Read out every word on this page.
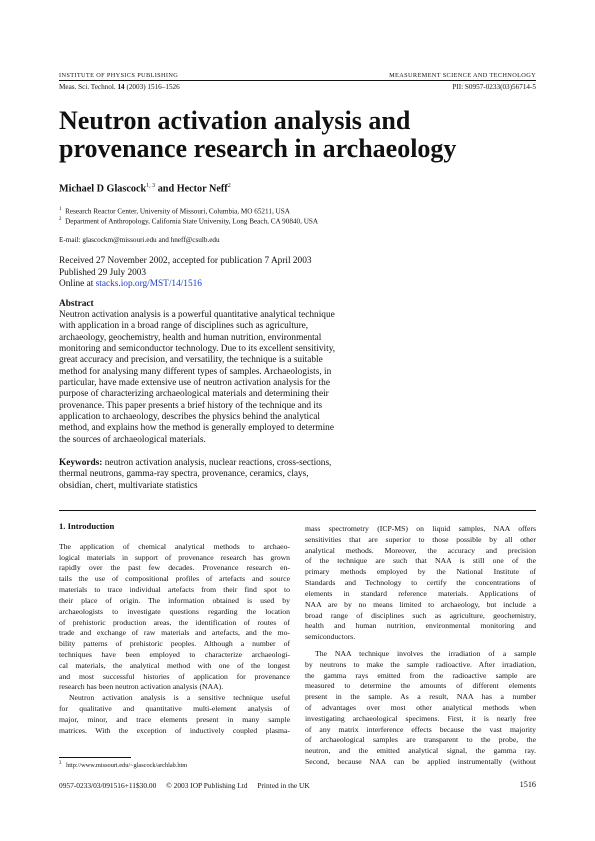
INSTITUTE OF PHYSICS PUBLISHING	MEASUREMENT SCIENCE AND TECHNOLOGY
Meas. Sci. Technol. 14 (2003) 1516–1526	PII: S0957-0233(03)56714-5
Neutron activation analysis and
provenance research in archaeology
Michael D Glascock$^{1, 3}$ and Hector Neff$^2$
$^1$ Research Reactor Center, University of Missouri, Columbia, MO 65211, USA
$^2$ Department of Anthropology, California State University, Long Beach, CA 90840, USA
E-mail: glascockm@missouri.edu and hneff@csulb.edu
Received 27 November 2002, accepted for publication 7 April 2003
Published 29 July 2003
Online at stacks.iop.org/MST/14/1516
Abstract
Neutron activation analysis is a powerful quantitative analytical technique
with application in a broad range of disciplines such as agriculture,
archaeology, geochemistry, health and human nutrition, environmental
monitoring and semiconductor technology. Due to its excellent sensitivity,
great accuracy and precision, and versatility, the technique is a suitable
method for analysing many different types of samples. Archaeologists, in
particular, have made extensive use of neutron activation analysis for the
purpose of characterizing archaeological materials and determining their
provenance. This paper presents a brief history of the technique and its
application to archaeology, describes the physics behind the analytical
method, and explains how the method is generally employed to determine
the sources of archaeological materials.
Keywords: neutron activation analysis, nuclear reactions, cross-sections,
thermal neutrons, gamma-ray spectra, provenance, ceramics, clays,
obsidian, chert, multivariate statistics

1. Introduction

The application of chemical analytical methods to archaeo-
logical materials in support of provenance research has grown
rapidly over the past few decades. Provenance research en-
tails the use of compositional profiles of artefacts and source
materials to trace individual artefacts from their find spot to
their place of origin. The information obtained is used by
archaeologists to investigate questions regarding the location
of prehistoric production areas, the identification of routes of
trade and exchange of raw materials and artefacts, and the mo-
bility patterns of prehistoric peoples. Although a number of
techniques have been employed to characterize archaeologi-
cal materials, the analytical method with one of the longest
and most successful histories of application for provenance
research has been neutron activation analysis (NAA).

Neutron activation analysis is a sensitive technique useful
for qualitative and quantitative multi-element analysis of
major, minor, and trace elements present in many sample
matrices. With the exception of inductively coupled plasma-

mass spectrometry (ICP-MS) on liquid samples, NAA offers
sensitivities that are superior to those possible by all other
analytical methods. Moreover, the accuracy and precision
of the technique are such that NAA is still one of the
primary methods employed by the National Institute of
Standards and Technology to certify the concentrations of
elements in standard reference materials. Applications of
NAA are by no means limited to archaeology, but include a
broad range of disciplines such as agriculture, geochemistry,
health and human nutrition, environmental monitoring and
semiconductors.

The NAA technique involves the irradiation of a sample
by neutrons to make the sample radioactive. After irradiation,
the gamma rays emitted from the radioactive sample are
measured to determine the amounts of different elements
present in the sample. As a result, NAA has a number
of advantages over most other analytical methods when
investigating archaeological specimens. First, it is nearly free
of any matrix interference effects because the vast majority
of archaeological samples are transparent to the probe, the
neutron, and the emitted analytical signal, the gamma ray.
Second, because NAA can be applied instrumentally (without

$^3$ http://www.missouri.edu/~glascock/archlab.htm
0957-0233/03/091516+11$30.00 © 2003 IOP Publishing Ltd Printed in the UK	1516
